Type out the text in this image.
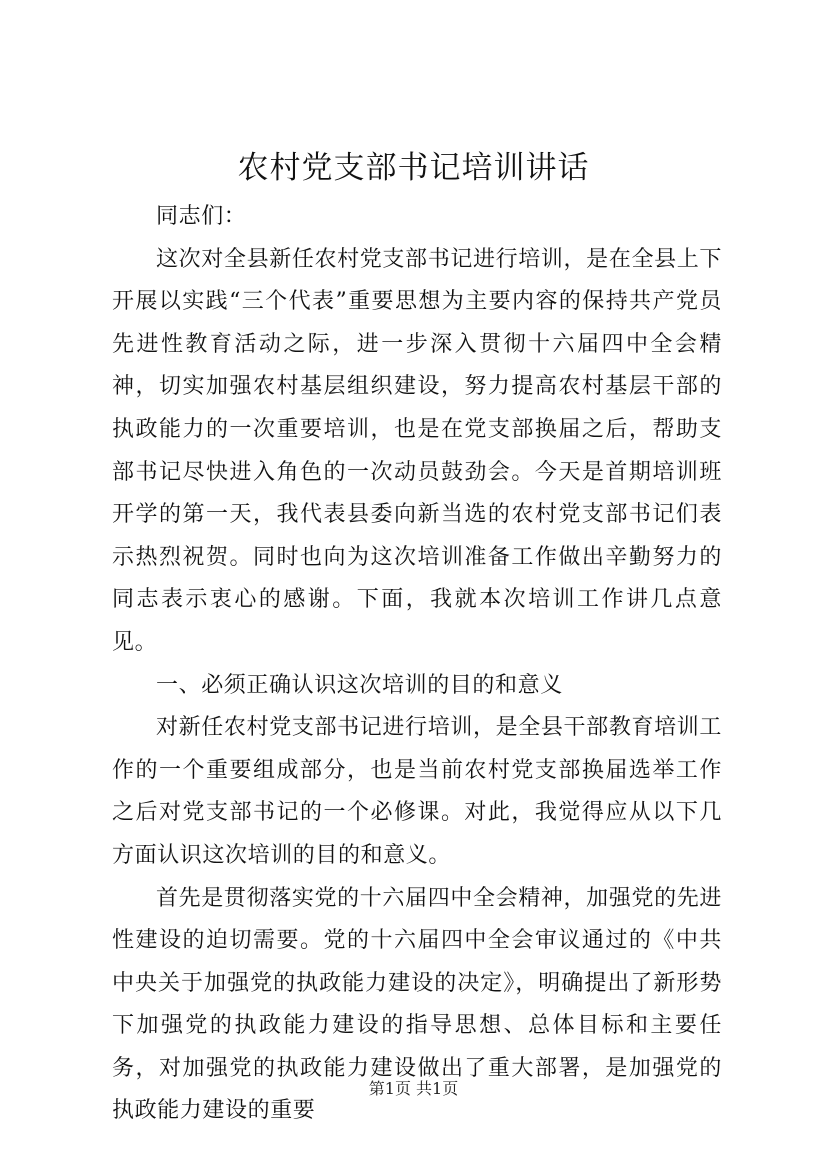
农村党支部书记培训讲话

同志们：

这次对全县新任农村党支部书记进行培训，是在全县上下开展以实践“三个代表”重要思想为主要内容的保持共产党员先进性教育活动之际，进一步深入贯彻十六届四中全会精神，切实加强农村基层组织建设，努力提高农村基层干部的执政能力的一次重要培训，也是在党支部换届之后，帮助支部书记尽快进入角色的一次动员鼓劲会。今天是首期培训班开学的第一天，我代表县委向新当选的农村党支部书记们表示热烈祝贺。同时也向为这次培训准备工作做出辛勤努力的同志表示衷心的感谢。下面，我就本次培训工作讲几点意见。

一、必须正确认识这次培训的目的和意义

对新任农村党支部书记进行培训，是全县干部教育培训工作的一个重要组成部分，也是当前农村党支部换届选举工作之后对党支部书记的一个必修课。对此，我觉得应从以下几方面认识这次培训的目的和意义。

首先是贯彻落实党的十六届四中全会精神，加强党的先进性建设的迫切需要。党的十六届四中全会审议通过的《中共中央关于加强党的执政能力建设的决定》，明确提出了新形势下加强党的执政能力建设的指导思想、总体目标和主要任务，对加强党的执政能力建设做出了重大部署，是加强党的执政能力建设的重要

第1页 共1页
